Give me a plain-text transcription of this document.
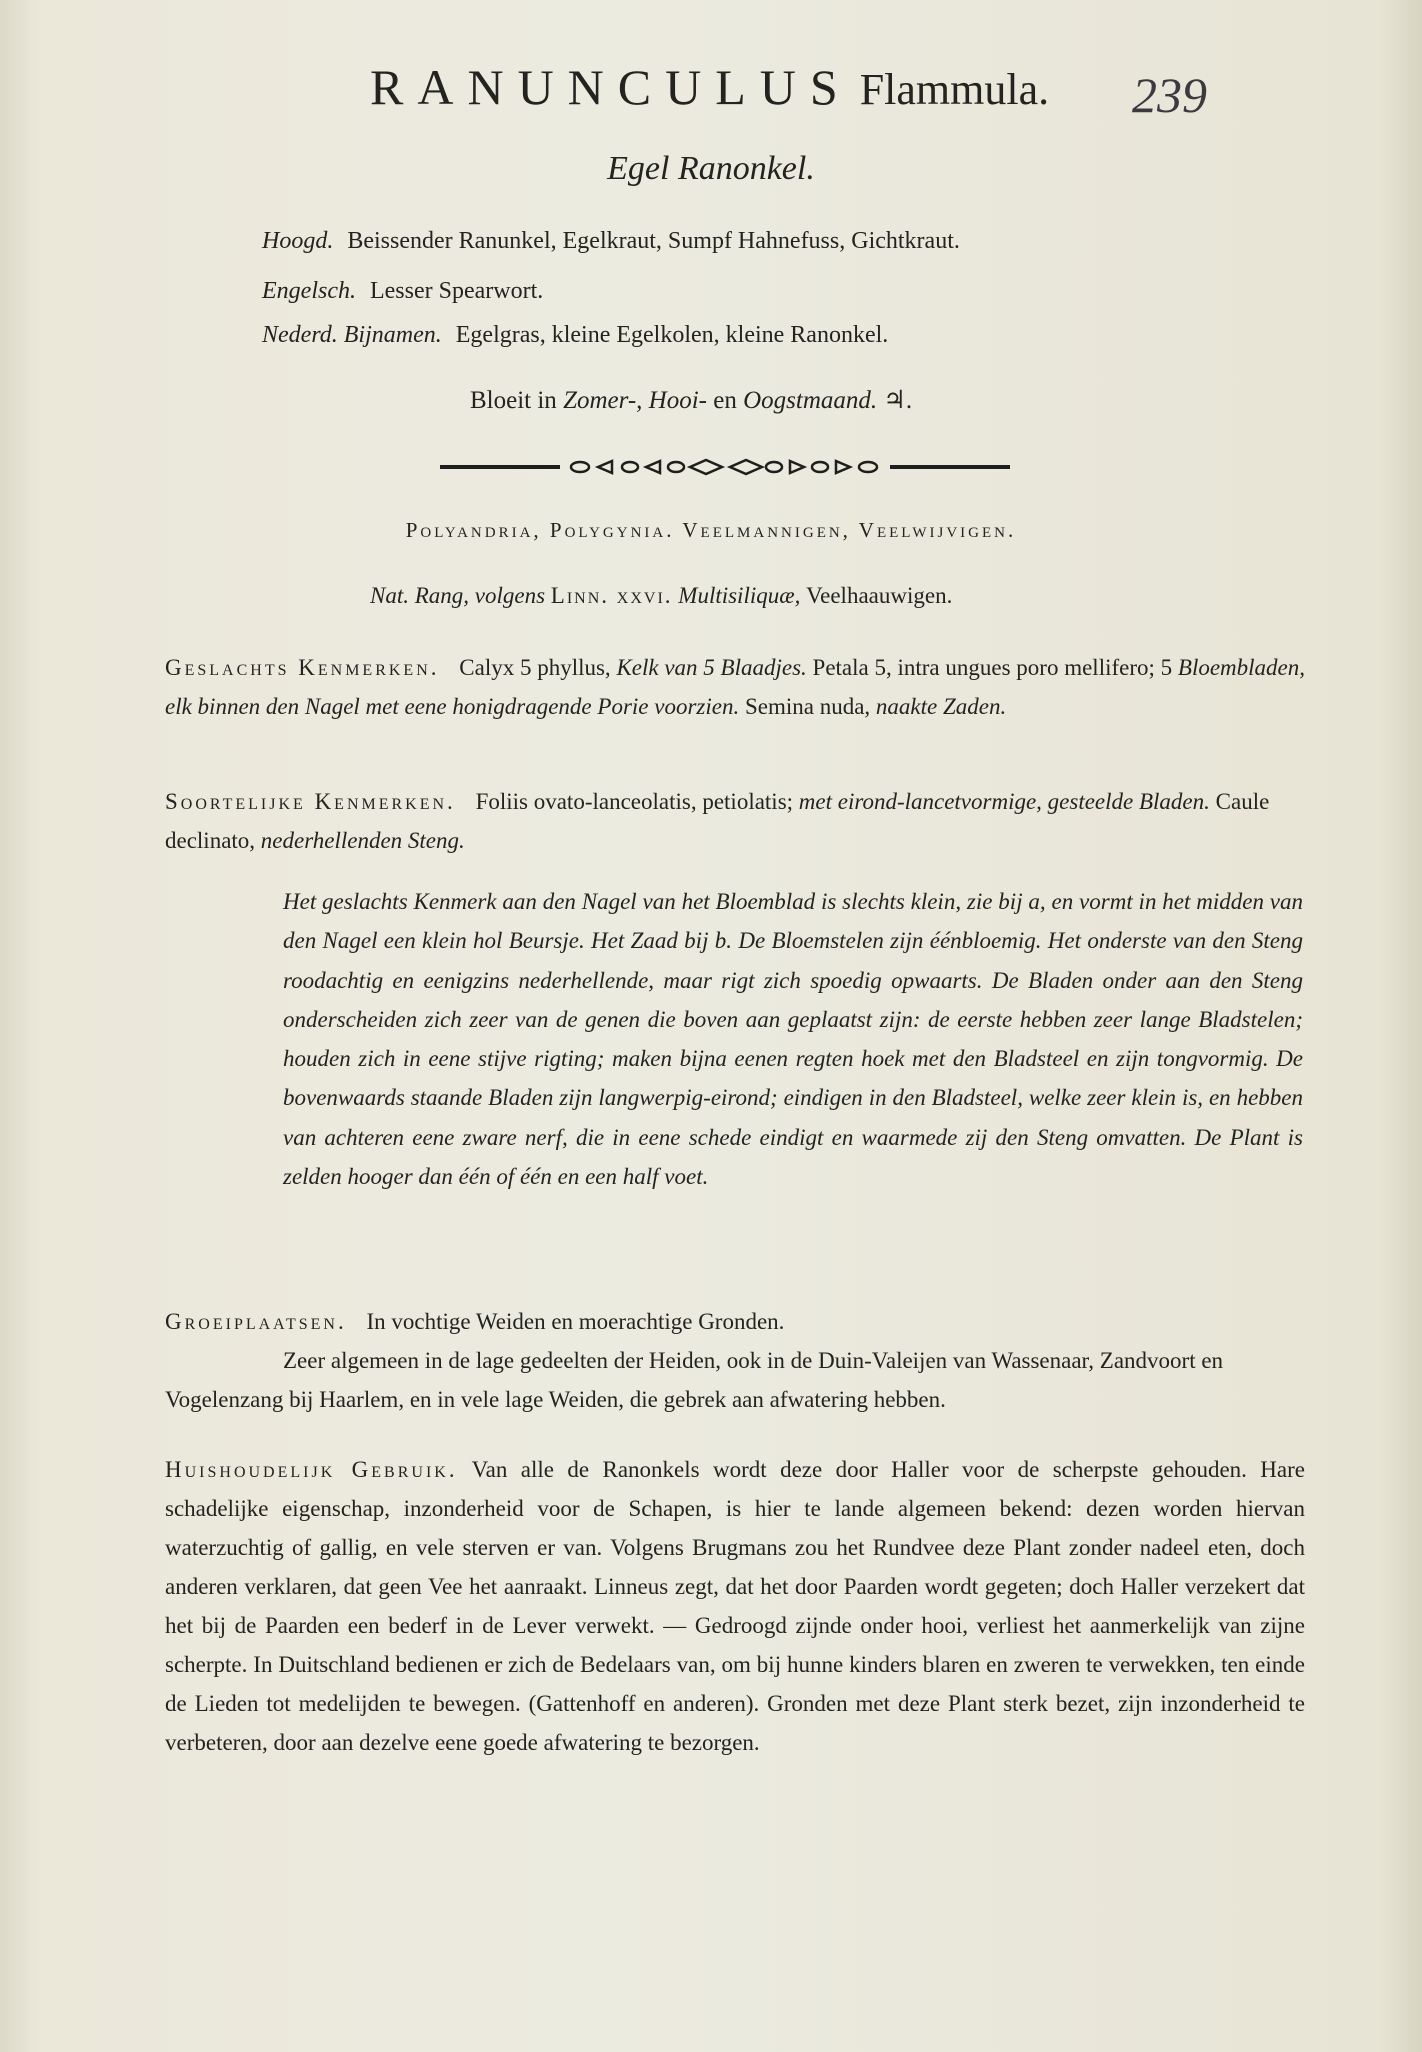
RANUNCULUS Flammula. 239
Egel Ranonkel.
Hoogd. Beissender Ranunkel, Egelkraut, Sumpf Hahnefuss, Gichtkraut.
Engelsch. Lesser Spearwort.
Nederd. Bijnamen. Egelgras, kleine Egelkolen, kleine Ranonkel.
Bloeit in Zomer-, Hooi- en Oogstmaand. ♃.
Polyandria, Polygynia. Veelmannigen, Veelwijvigen.
Nat. Rang, volgens Linn. xxvi. Multisiliquæ, Veelhaauwigen.
Geslachts Kenmerken. Calyx 5 phyllus, Kelk van 5 Blaadjes. Petala 5, intra ungues poro mellifero; 5 Bloembladen, elk binnen den Nagel met eene honigdragende Porie voorzien. Semina nuda, naakte Zaden.
Soortelijke Kenmerken. Foliis ovato-lanceolatis, petiolatis; met eirond-lancetvormige, gesteelde Bladen. Caule declinato, nederhellenden Steng.
Het geslachts Kenmerk aan den Nagel van het Bloemblad is slechts klein, zie bij a, en vormt in het midden van den Nagel een klein hol Beursje. Het Zaad bij b. De Bloemstelen zijn éénbloemig. Het onderste van den Steng roodachtig en eenigzins nederhellende, maar rigt zich spoedig opwaarts. De Bladen onder aan den Steng onderscheiden zich zeer van de genen die boven aan geplaatst zijn: de eerste hebben zeer lange Bladstelen; houden zich in eene stijve rigting; maken bijna eenen regten hoek met den Bladsteel en zijn tongvormig. De bovenwaards staande Bladen zijn langwerpig-eirond; eindigen in den Bladsteel, welke zeer klein is, en hebben van achteren eene zware nerf, die in eene schede eindigt en waarmede zij den Steng omvatten. De Plant is zelden hooger dan één of één en een half voet.
Groeiplaatsen. In vochtige Weiden en moerachtige Gronden.
Zeer algemeen in de lage gedeelten der Heiden, ook in de Duin-Valeijen van Wassenaar, Zandvoort en Vogelenzang bij Haarlem, en in vele lage Weiden, die gebrek aan afwatering hebben.
Huishoudelijk Gebruik. Van alle de Ranonkels wordt deze door Haller voor de scherpste gehouden. Hare schadelijke eigenschap, inzonderheid voor de Schapen, is hier te lande algemeen bekend: dezen worden hiervan waterzuchtig of gallig, en vele sterven er van. Volgens Brugmans zou het Rundvee deze Plant zonder nadeel eten, doch anderen verklaren, dat geen Vee het aanraakt. Linneus zegt, dat het door Paarden wordt gegeten; doch Haller verzekert dat het bij de Paarden een bederf in de Lever verwekt. — Gedroogd zijnde onder hooi, verliest het aanmerkelijk van zijne scherpte. In Duitschland bedienen er zich de Bedelaars van, om bij hunne kinders blaren en zweren te verwekken, ten einde de Lieden tot medelijden te bewegen. (Gattenhoff en anderen). Gronden met deze Plant sterk bezet, zijn inzonderheid te verbeteren, door aan dezelve eene goede afwatering te bezorgen.
